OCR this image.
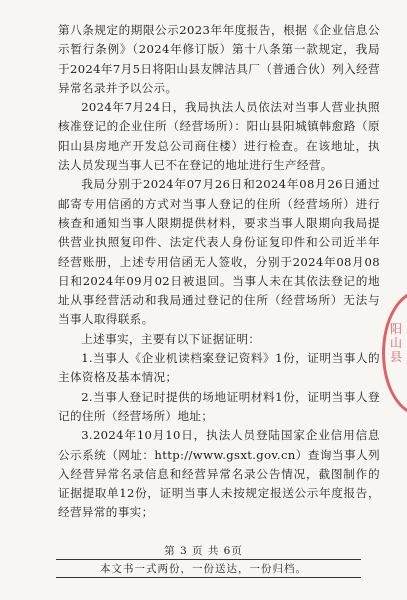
第八条规定的期限公示2023年年度报告，根据《企业信息公示暂行条例》（2024年修订版）第十八条第一款规定，我局于2024年7月5日将阳山县友牌洁具厂（普通合伙）列入经营异常名录并予以公示。

2024年7月24日，我局执法人员依法对当事人营业执照核准登记的企业住所（经营场所）：阳山县阳城镇韩愈路（原阳山县房地产开发总公司商住楼）进行检查。在该地址，执法人员发现当事人已不在登记的地址进行生产经营。

我局分别于2024年07月26日和2024年08月26日通过邮寄专用信函的方式对当事人登记的住所（经营场所）进行核查和通知当事人限期提供材料，要求当事人限期向我局提供营业执照复印件、法定代表人身份证复印件和公司近半年经营账册，上述专用信函无人签收，分别于2024年08月08日和2024年09月02日被退回。当事人未在其依法登记的地址从事经营活动和我局通过登记的住所（经营场所）无法与当事人取得联系。

上述事实，主要有以下证据证明：

1.当事人《企业机读档案登记资料》1份，证明当事人的主体资格及基本情况；

2.当事人登记时提供的场地证明材料1份，证明当事人登记的住所（经营场所）地址；

3.2024年10月10日，执法人员登陆国家企业信用信息公示系统（网址：http://www.gsxt.gov.cn）查询当事人列入经营异常名录信息和经营异常名录公告情况，截图制作的证据提取单12份，证明当事人未按规定报送公示年度报告，经营异常的事实；

第 3 页 共 6页
本文书一式两份，一份送达，一份归档。
阳山县
